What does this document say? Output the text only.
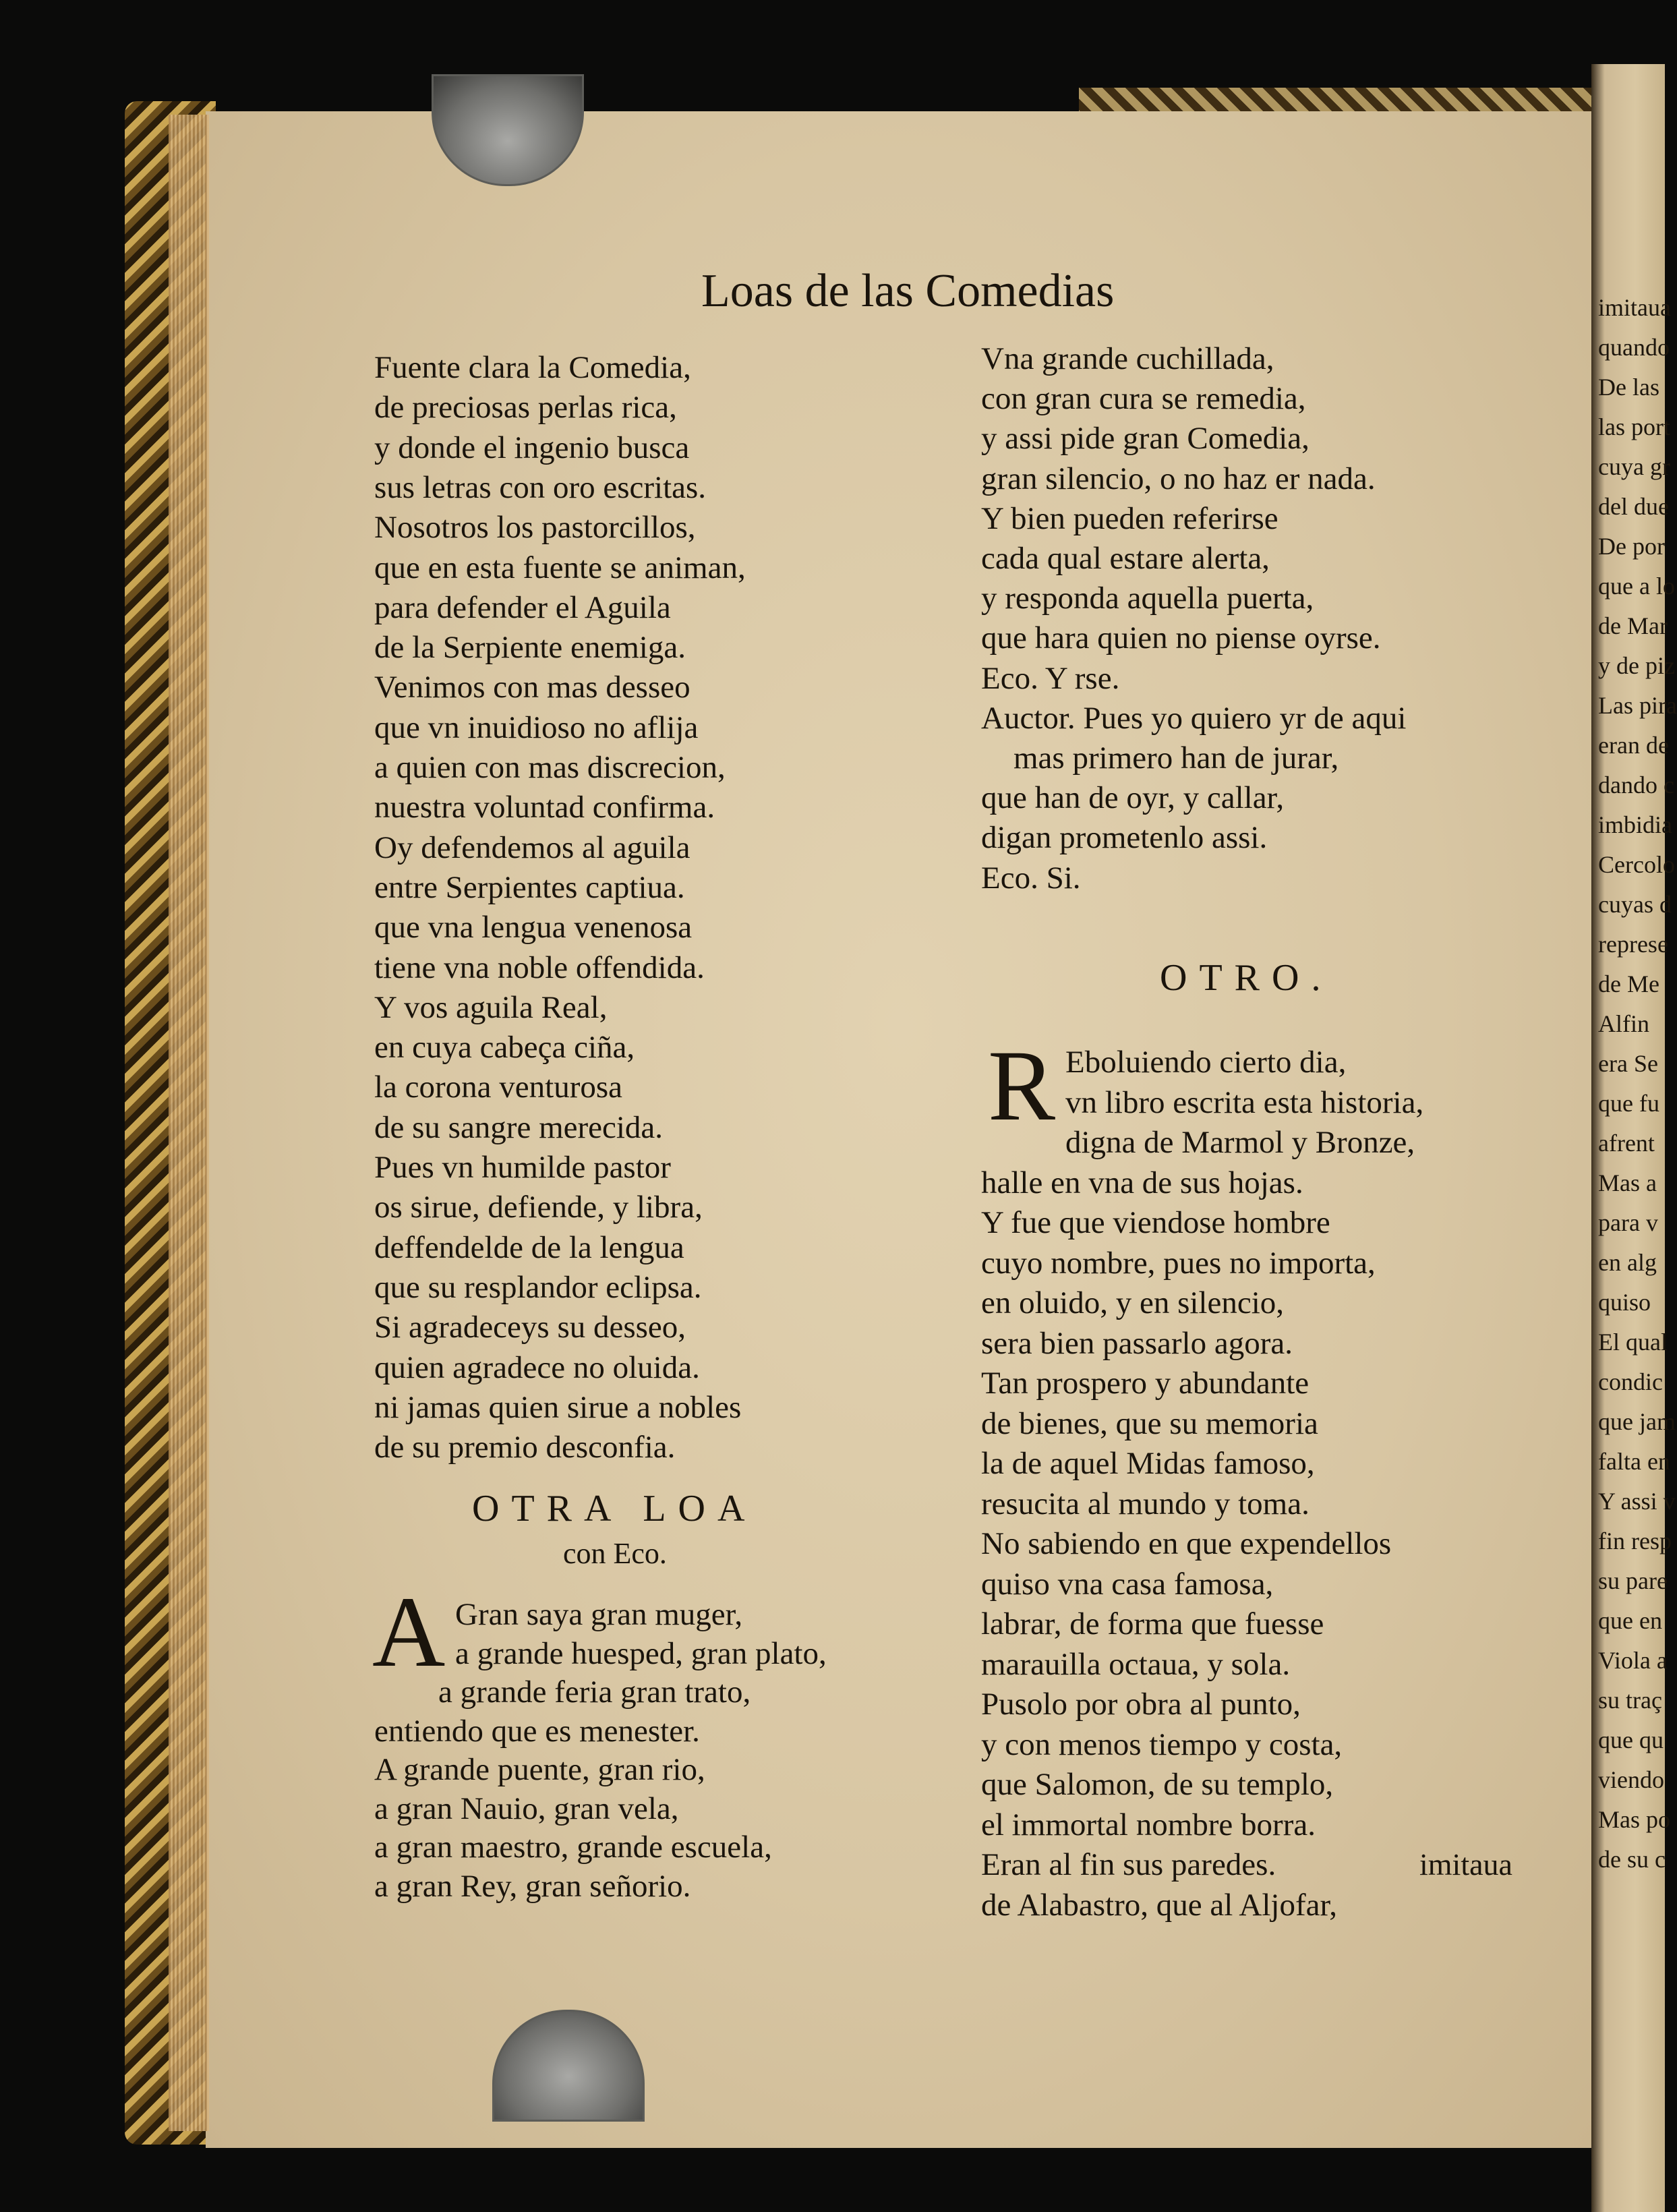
imitaua
quando
De las
las port
cuya gr
del due
De por
que a lo
de Mar
y de piz
Las pira
eran de
dando c
imbidia
Cercolo
cuyas d
represe
de Me
Alfin
era Se
que fu
afrent
Mas a
para v
en alg
quiso
El qual
condic
que jam
falta en
Y assi v
fin resp
su pare
que en
Viola a
su traç
que qu
viendo
Mas po
de su c
Loas de las Comedias
Fuente clara la Comedia,
de preciosas perlas rica,
y donde el ingenio busca
sus letras con oro escritas.
Nosotros los pastorcillos,
que en esta fuente se animan,
para defender el Aguila
de la Serpiente enemiga.
Venimos con mas desseo
que vn inuidioso no aflija
a quien con mas discrecion,
nuestra voluntad confirma.
Oy defendemos al aguila
entre Serpientes captiua.
que vna lengua venenosa
tiene vna noble offendida.
Y vos aguila Real,
en cuya cabeça ciña,
la corona venturosa
de su sangre merecida.
Pues vn humilde pastor
os sirue, defiende, y libra,
deffendelde de la lengua
que su resplandor eclipsa.
Si agradeceys su desseo,
quien agradece no oluida.
ni jamas quien sirue a nobles
de su premio desconfia.
OTRA LOA
con Eco.
A Gran saya gran muger,
a grande huesped, gran plato,
a grande feria gran trato,
entiendo que es menester.
A grande puente, gran rio,
a gran Nauio, gran vela,
a gran maestro, grande escuela,
a gran Rey, gran señorio.
Vna grande cuchillada,
con gran cura se remedia,
y assi pide gran Comedia,
gran silencio, o no haz er nada.
Y bien pueden referirse
cada qual estare alerta,
y responda aquella puerta,
que hara quien no piense oyrse.
Eco. Y rse.
Auctor. Pues yo quiero yr de aqui
mas primero han de jurar,
que han de oyr, y callar,
digan prometenlo assi.
Eco. Si.
OTRO.
R Eboluiendo cierto dia,
vn libro escrita esta historia,
digna de Marmol y Bronze,
halle en vna de sus hojas.
Y fue que viendose hombre
cuyo nombre, pues no importa,
en oluido, y en silencio,
sera bien passarlo agora.
Tan prospero y abundante
de bienes, que su memoria
la de aquel Midas famoso,
resucita al mundo y toma.
No sabiendo en que expendellos
quiso vna casa famosa,
labrar, de forma que fuesse
marauilla octaua, y sola.
Pusolo por obra al punto,
y con menos tiempo y costa,
que Salomon, de su templo,
el immortal nombre borra.
Eran al fin sus paredes.
de Alabastro, que al Aljofar,
imitaua
